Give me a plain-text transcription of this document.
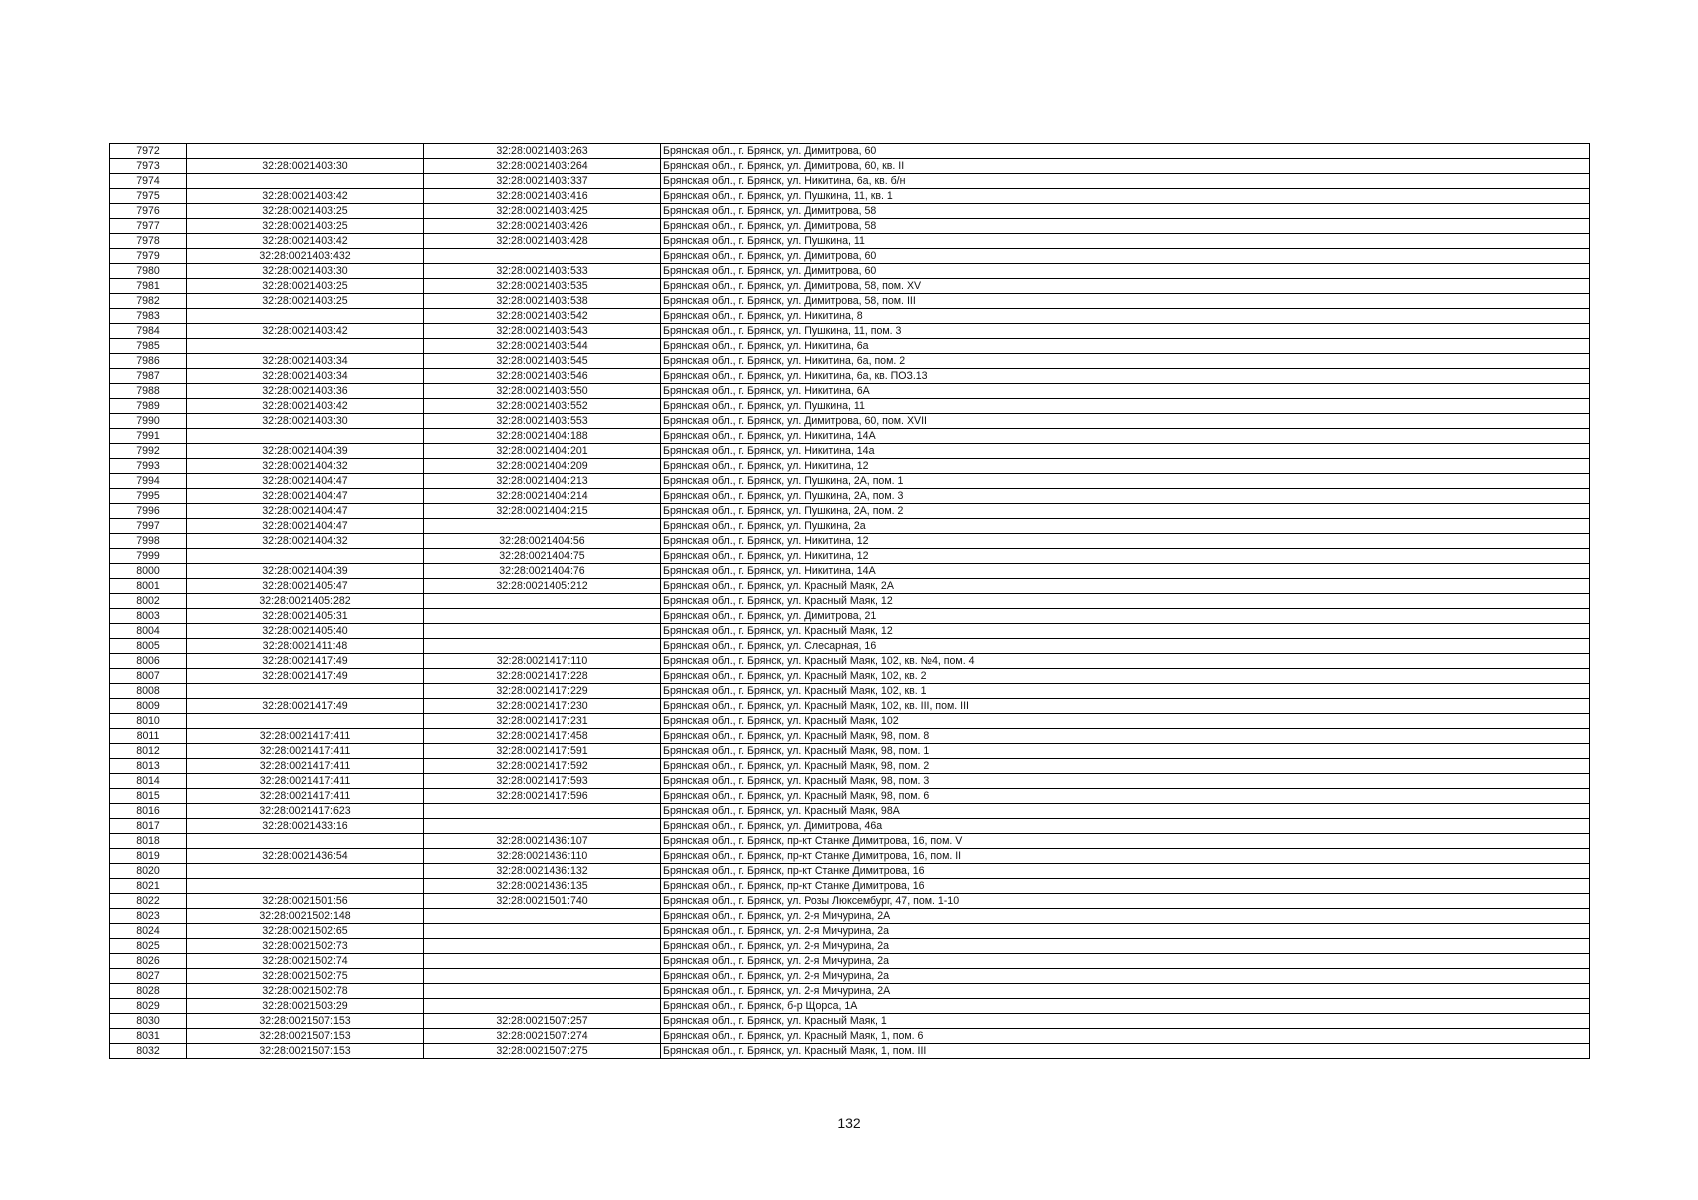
7972		32:28:0021403:263	Брянская обл., г. Брянск, ул. Димитрова, 60
7973	32:28:0021403:30	32:28:0021403:264	Брянская обл., г. Брянск, ул. Димитрова, 60, кв. II
7974		32:28:0021403:337	Брянская обл., г. Брянск, ул. Никитина, 6а, кв. б/н
7975	32:28:0021403:42	32:28:0021403:416	Брянская обл., г. Брянск, ул. Пушкина, 11, кв. 1
7976	32:28:0021403:25	32:28:0021403:425	Брянская обл., г. Брянск, ул. Димитрова, 58
7977	32:28:0021403:25	32:28:0021403:426	Брянская обл., г. Брянск, ул. Димитрова, 58
7978	32:28:0021403:42	32:28:0021403:428	Брянская обл., г. Брянск, ул. Пушкина, 11
7979	32:28:0021403:432		Брянская обл., г. Брянск, ул. Димитрова, 60
7980	32:28:0021403:30	32:28:0021403:533	Брянская обл., г. Брянск, ул. Димитрова, 60
7981	32:28:0021403:25	32:28:0021403:535	Брянская обл., г. Брянск, ул. Димитрова, 58, пом. XV
7982	32:28:0021403:25	32:28:0021403:538	Брянская обл., г. Брянск, ул. Димитрова, 58, пом. III
7983		32:28:0021403:542	Брянская обл., г. Брянск, ул. Никитина, 8
7984	32:28:0021403:42	32:28:0021403:543	Брянская обл., г. Брянск, ул. Пушкина, 11, пом. 3
7985		32:28:0021403:544	Брянская обл., г. Брянск, ул. Никитина, 6а
7986	32:28:0021403:34	32:28:0021403:545	Брянская обл., г. Брянск, ул. Никитина, 6а, пом. 2
7987	32:28:0021403:34	32:28:0021403:546	Брянская обл., г. Брянск, ул. Никитина, 6а, кв. ПОЗ.13
7988	32:28:0021403:36	32:28:0021403:550	Брянская обл., г. Брянск, ул. Никитина, 6А
7989	32:28:0021403:42	32:28:0021403:552	Брянская обл., г. Брянск, ул. Пушкина, 11
7990	32:28:0021403:30	32:28:0021403:553	Брянская обл., г. Брянск, ул. Димитрова, 60, пом. XVII
7991		32:28:0021404:188	Брянская обл., г. Брянск, ул. Никитина, 14А
7992	32:28:0021404:39	32:28:0021404:201	Брянская обл., г. Брянск, ул. Никитина, 14а
7993	32:28:0021404:32	32:28:0021404:209	Брянская обл., г. Брянск, ул. Никитина, 12
7994	32:28:0021404:47	32:28:0021404:213	Брянская обл., г. Брянск, ул. Пушкина, 2А, пом. 1
7995	32:28:0021404:47	32:28:0021404:214	Брянская обл., г. Брянск, ул. Пушкина, 2А, пом. 3
7996	32:28:0021404:47	32:28:0021404:215	Брянская обл., г. Брянск, ул. Пушкина, 2А, пом. 2
7997	32:28:0021404:47		Брянская обл., г. Брянск, ул. Пушкина, 2а
7998	32:28:0021404:32	32:28:0021404:56	Брянская обл., г. Брянск, ул. Никитина, 12
7999		32:28:0021404:75	Брянская обл., г. Брянск, ул. Никитина, 12
8000	32:28:0021404:39	32:28:0021404:76	Брянская обл., г. Брянск, ул. Никитина, 14А
8001	32:28:0021405:47	32:28:0021405:212	Брянская обл., г. Брянск, ул. Красный Маяк, 2А
8002	32:28:0021405:282		Брянская обл., г. Брянск, ул. Красный Маяк, 12
8003	32:28:0021405:31		Брянская обл., г. Брянск, ул. Димитрова, 21
8004	32:28:0021405:40		Брянская обл., г. Брянск, ул. Красный Маяк, 12
8005	32:28:0021411:48		Брянская обл., г. Брянск, ул. Слесарная, 16
8006	32:28:0021417:49	32:28:0021417:110	Брянская обл., г. Брянск, ул. Красный Маяк, 102, кв. №4, пом. 4
8007	32:28:0021417:49	32:28:0021417:228	Брянская обл., г. Брянск, ул. Красный Маяк, 102, кв. 2
8008		32:28:0021417:229	Брянская обл., г. Брянск, ул. Красный Маяк, 102, кв. 1
8009	32:28:0021417:49	32:28:0021417:230	Брянская обл., г. Брянск, ул. Красный Маяк, 102, кв. III, пом. III
8010		32:28:0021417:231	Брянская обл., г. Брянск, ул. Красный Маяк, 102
8011	32:28:0021417:411	32:28:0021417:458	Брянская обл., г. Брянск, ул. Красный Маяк, 98, пом. 8
8012	32:28:0021417:411	32:28:0021417:591	Брянская обл., г. Брянск, ул. Красный Маяк, 98, пом. 1
8013	32:28:0021417:411	32:28:0021417:592	Брянская обл., г. Брянск, ул. Красный Маяк, 98, пом. 2
8014	32:28:0021417:411	32:28:0021417:593	Брянская обл., г. Брянск, ул. Красный Маяк, 98, пом. 3
8015	32:28:0021417:411	32:28:0021417:596	Брянская обл., г. Брянск, ул. Красный Маяк, 98, пом. 6
8016	32:28:0021417:623		Брянская обл., г. Брянск, ул. Красный Маяк, 98А
8017	32:28:0021433:16		Брянская обл., г. Брянск, ул. Димитрова, 46а
8018		32:28:0021436:107	Брянская обл., г. Брянск, пр-кт Станке Димитрова, 16, пом. V
8019	32:28:0021436:54	32:28:0021436:110	Брянская обл., г. Брянск, пр-кт Станке Димитрова, 16, пом. II
8020		32:28:0021436:132	Брянская обл., г. Брянск, пр-кт Станке Димитрова, 16
8021		32:28:0021436:135	Брянская обл., г. Брянск, пр-кт Станке Димитрова, 16
8022	32:28:0021501:56	32:28:0021501:740	Брянская обл., г. Брянск, ул. Розы Люксембург, 47, пом. 1-10
8023	32:28:0021502:148		Брянская обл., г. Брянск, ул. 2-я Мичурина, 2А
8024	32:28:0021502:65		Брянская обл., г. Брянск, ул. 2-я Мичурина, 2а
8025	32:28:0021502:73		Брянская обл., г. Брянск, ул. 2-я Мичурина, 2а
8026	32:28:0021502:74		Брянская обл., г. Брянск, ул. 2-я Мичурина, 2а
8027	32:28:0021502:75		Брянская обл., г. Брянск, ул. 2-я Мичурина, 2а
8028	32:28:0021502:78		Брянская обл., г. Брянск, ул. 2-я Мичурина, 2А
8029	32:28:0021503:29		Брянская обл., г. Брянск, б-р Щорса, 1А
8030	32:28:0021507:153	32:28:0021507:257	Брянская обл., г. Брянск, ул. Красный Маяк, 1
8031	32:28:0021507:153	32:28:0021507:274	Брянская обл., г. Брянск, ул. Красный Маяк, 1, пом. 6
8032	32:28:0021507:153	32:28:0021507:275	Брянская обл., г. Брянск, ул. Красный Маяк, 1, пом. III
132
